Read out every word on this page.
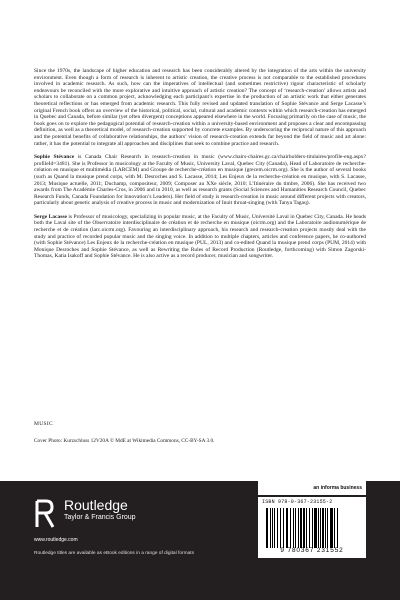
Since the 1970s, the landscape of higher education and research has been considerably altered by the integration of the arts within the university environment. Even though a form of research is inherent to artistic creation, the creative process is not comparable to the established procedures involved in academic research. As such, how can the imperatives of intellectual (and sometimes restrictive) rigour characteristic of scholarly endeavours be reconciled with the more explorative and intuitive approach of artistic creation? The concept of ‘research-creation’ allows artists and scholars to collaborate on a common project, acknowledging each participant’s expertise in the production of an artistic work that either generates theoretical reflections or has emerged from academic research. This fully revised and updated translation of Sophie Stévance and Serge Lacasse’s original French book offers an overview of the historical, political, social, cultural and academic contexts within which research-creation has emerged in Quebec and Canada, before similar (yet often divergent) conceptions appeared elsewhere in the world. Focusing primarily on the case of music, the book goes on to explore the pedagogical potential of research-creation within a university-based environment and proposes a clear and encompassing definition, as well as a theoretical model, of research-creation supported by concrete examples. By underscoring the reciprocal nature of this approach and the potential benefits of collaborative relationships, the authors’ vision of research-creation extends far beyond the field of music and art alone: rather, it has the potential to integrate all approaches and disciplines that seek to combine practice and research.

Sophie Stévance is Canada Chair Research in research-creation in music (www.chairs-chaires.gc.ca/chairholders-titulaires/profile-eng.aspx?profileId=3481). She is Professor in musicology at the Faculty of Music, University Laval, Quebec City (Canada), Head of Laboratoire de recherche-création en musique et multimédia (LARCEM) and Groupe de recherche-création en musique (grecem.oicrm.org). She is the author of several books (such as Quand la musique prend corps, with M. Desroches and S. Lacasse, 2014; Les Enjeux de la recherche-création en musique, with S. Lacasse, 2013; Musique actuelle, 2011; Duchamp, compositeur, 2009; Composer au XXe siècle, 2010; L’Itinéraire du timbre, 2006). She has received two awards from The Académie Charles-Cros, in 2006 and in 2010, as well as research grants (Social Sciences and Humanities Research Council, Quebec Research Funds, Canada Foundation for Innovation’s Leaders). Her field of study is research-creation in music around different projects with creators, particularly about genetic analysis of creative process in music and modernization of Inuit throat-singing (with Tanya Tagaq).

Serge Lacasse is Professor of musicology, specializing in popular music, at the Faculty of Music, Université Laval in Quebec City, Canada. He heads both the Laval site of the Observatoire interdisciplinaire de création et de recherche en musique (oicrm.org) and the Laboratoire audionumérique de recherche et de création (larc.oicrm.org). Favouring an interdisciplinary approach, his research and research-creation projects mostly deal with the study and practice of recorded popular music and the singing voice. In addition to multiple chapters, articles and conference papers, he co-authored (with Sophie Stévance) Les Enjeux de la recherche-création en musique (PUL, 2013) and co-edited Quand la musique prend corps (PUM, 2014) with Monique Desroches and Sophie Stévance, as well as Rewriting the Rules of Record Production (Routledge, forthcoming) with Simon Zagorski-Thomas, Katia Isakoff and Sophie Stévance. He is also active as a record producer, musician and songwriter.

MUSIC
Cover Photo: Kurzschluss 12V20A © MdE at Wikimedia Commons, CC-BY-SA 3.0.
an informa business
ISBN 978-0-367-23155-2
9 780367 231552
Routledge
Taylor & Francis Group
www.routledge.com
Routledge titles are available as eBook editions in a range of digital formats
